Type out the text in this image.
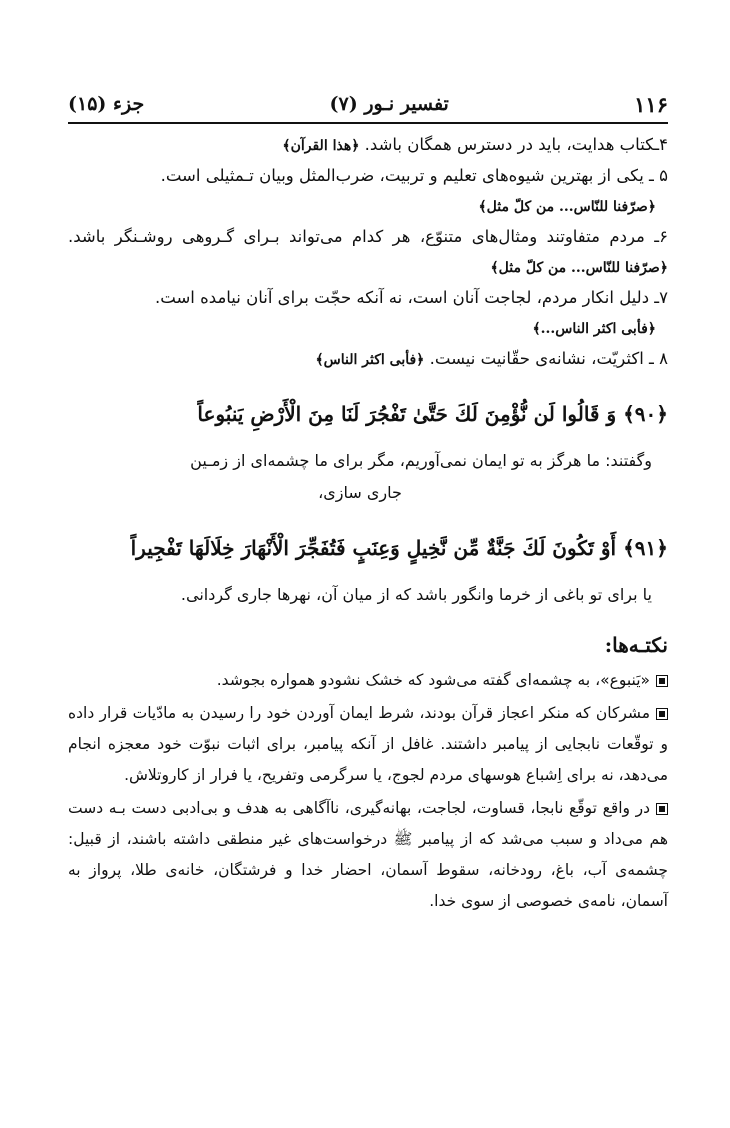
۱۱۶
تفسیر نـور (۷)
جزء (۱۵)

۴ـکتاب هدایت، باید در دسترس همگان باشد. ﴿هذا القرآن﴾

۵ ـ یکی از بهترین شیوه‌های تعلیم و تربیت، ضرب‌المثل وبیان تـمثیلی است.

﴿صرّفنا للنّاس... من كلّ مثل﴾

۶ـ مردم متفاوتند ومثال‌های متنوّع، هر کدام می‌تواند بـرای گـروهی روشـنگر باشد. ﴿صرّفنا للنّاس... من كلّ مثل﴾

۷ـ دلیل انکار مردم، لجاجت آنان است، نه آنکه حجّت برای آنان نیامده است.

﴿فأبى اكثر الناس...﴾

۸ ـ اکثریّت، نشانه‌ی حقّانیت نیست. ﴿فأبى اكثر الناس﴾

﴿۹۰﴾ وَ قَالُوا لَن نُّؤْمِنَ لَكَ حَتَّىٰ تَفْجُرَ لَنَا مِنَ الْأَرْضِ يَنبُوعاً

وگفتند: ما هرگز به تو ایمان نمی‌آوریم، مگر برای ما چشمه‌ای از زمـین

جاری سازی،

﴿۹۱﴾ أَوْ تَكُونَ لَكَ جَنَّةٌ مِّن نَّخِيلٍ وَعِنَبٍ فَتُفَجِّرَ الْأَنْهَارَ خِلَالَهَا تَفْجِيراً

یا برای تو باغی از خرما وانگور باشد که از میان آن، نهرها جاری گردانی.

نکتـه‌ها:

«یَنبوع»، به چشمه‌ای گفته می‌شود که خشک نشودو همواره بجوشد.

مشرکان که منکر اعجاز قرآن بودند، شرط ایمان آوردن خود را رسیدن به مادّیات قرار داده و توقّعات نابجایی از پیامبر داشتند. غافل از آنکه پیامبر، برای اثبات نبوّت خود معجزه انجام می‌دهد، نه برای اِشباع هوسهای مردم لجوج، یا سرگرمی وتفریح، یا فرار از کاروتلاش.

در واقع توقّع نابجا، قساوت، لجاجت، بهانه‌گیری، ناآگاهی به هدف و بی‌ادبی دست بـه دست هم می‌داد و سبب می‌شد که از پیامبر ﷺ درخواست‌های غیر منطقی داشته باشند، از قبیل: چشمه‌ی آب، باغ، رودخانه، سقوط آسمان، احضار خدا و فرشتگان، خانه‌ی طلا، پرواز به آسمان، نامه‌ی خصوصی از سوی خدا.
